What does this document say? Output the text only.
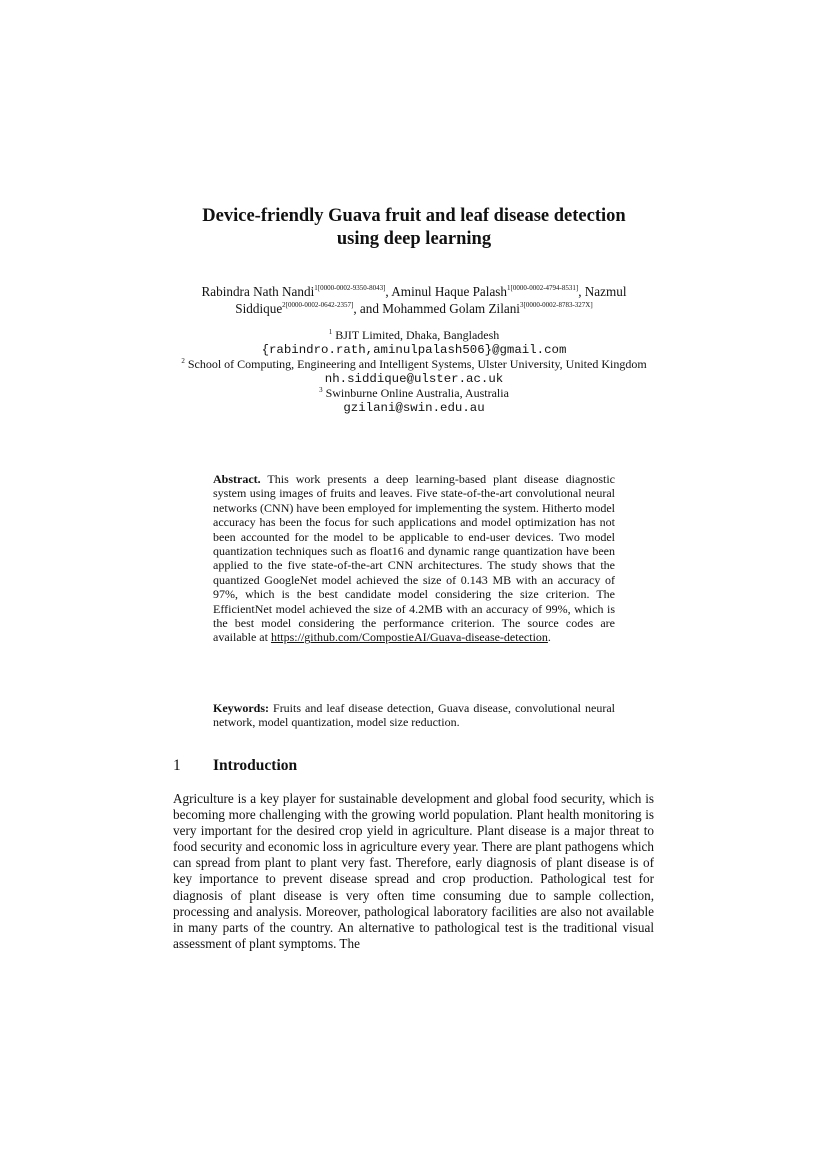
Device-friendly Guava fruit and leaf disease detection
using deep learning
Rabindra Nath Nandi$^{1[0000-0002-9350-8043]}$, Aminul Haque Palash$^{1[0000-0002-4794-8531]}$, Nazmul Siddique$^{2[0000-0002-0642-2357]}$, and Mohammed Golam Zilani$^{3[0000-0002-8783-327X]}$
$^1$ BJIT Limited, Dhaka, Bangladesh
{rabindro.rath,aminulpalash506}@gmail.com
$^2$ School of Computing, Engineering and Intelligent Systems, Ulster University, United Kingdom
nh.siddique@ulster.ac.uk
$^3$ Swinburne Online Australia, Australia
gzilani@swin.edu.au
Abstract. This work presents a deep learning-based plant disease diagnostic system using images of fruits and leaves. Five state-of-the-art convolutional neural networks (CNN) have been employed for implementing the system. Hitherto model accuracy has been the focus for such applications and model optimization has not been accounted for the model to be applicable to end-user devices. Two model quantization techniques such as float16 and dynamic range quantization have been applied to the five state-of-the-art CNN architectures. The study shows that the quantized GoogleNet model achieved the size of 0.143 MB with an accuracy of 97%, which is the best candidate model considering the size criterion. The EfficientNet model achieved the size of 4.2MB with an accuracy of 99%, which is the best model considering the performance criterion. The source codes are available at https://github.com/CompostieAI/Guava-disease-detection.
Keywords: Fruits and leaf disease detection, Guava disease, convolutional neural network, model quantization, model size reduction.
1 Introduction
Agriculture is a key player for sustainable development and global food security, which is becoming more challenging with the growing world population. Plant health monitoring is very important for the desired crop yield in agriculture. Plant disease is a major threat to food security and economic loss in agriculture every year. There are plant pathogens which can spread from plant to plant very fast. Therefore, early diagnosis of plant disease is of key importance to prevent disease spread and crop production. Pathological test for diagnosis of plant disease is very often time consuming due to sample collection, processing and analysis. Moreover, pathological laboratory facilities are also not available in many parts of the country. An alternative to pathological test is the traditional visual assessment of plant symptoms. The
